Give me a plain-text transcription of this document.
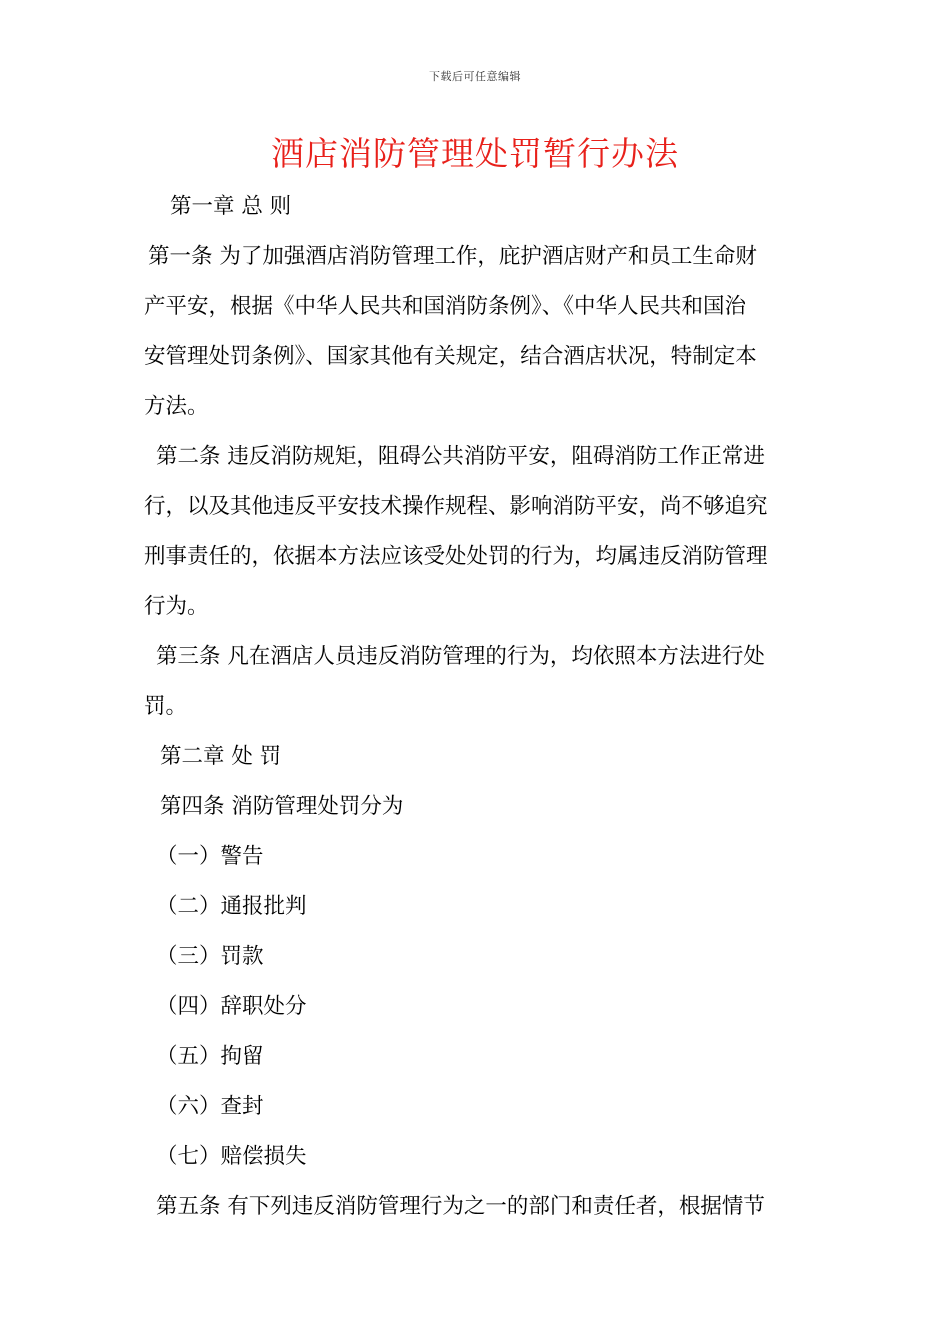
下载后可任意编辑
酒店消防管理处罚暂行办法
第一章 总 则
第一条 为了加强酒店消防管理工作，庇护酒店财产和员工生命财
产平安，根据《中华人民共和国消防条例》、《中华人民共和国治
安管理处罚条例》、国家其他有关规定，结合酒店状况，特制定本
方法。
第二条 违反消防规矩，阻碍公共消防平安，阻碍消防工作正常进
行，以及其他违反平安技术操作规程、影响消防平安，尚不够追究
刑事责任的，依据本方法应该受处处罚的行为，均属违反消防管理
行为。
第三条 凡在酒店人员违反消防管理的行为，均依照本方法进行处
罚。
第二章 处 罚
第四条 消防管理处罚分为
（一）警告
（二）通报批判
（三）罚款
（四）辞职处分
（五）拘留
（六）查封
（七）赔偿损失
第五条 有下列违反消防管理行为之一的部门和责任者，根据情节
